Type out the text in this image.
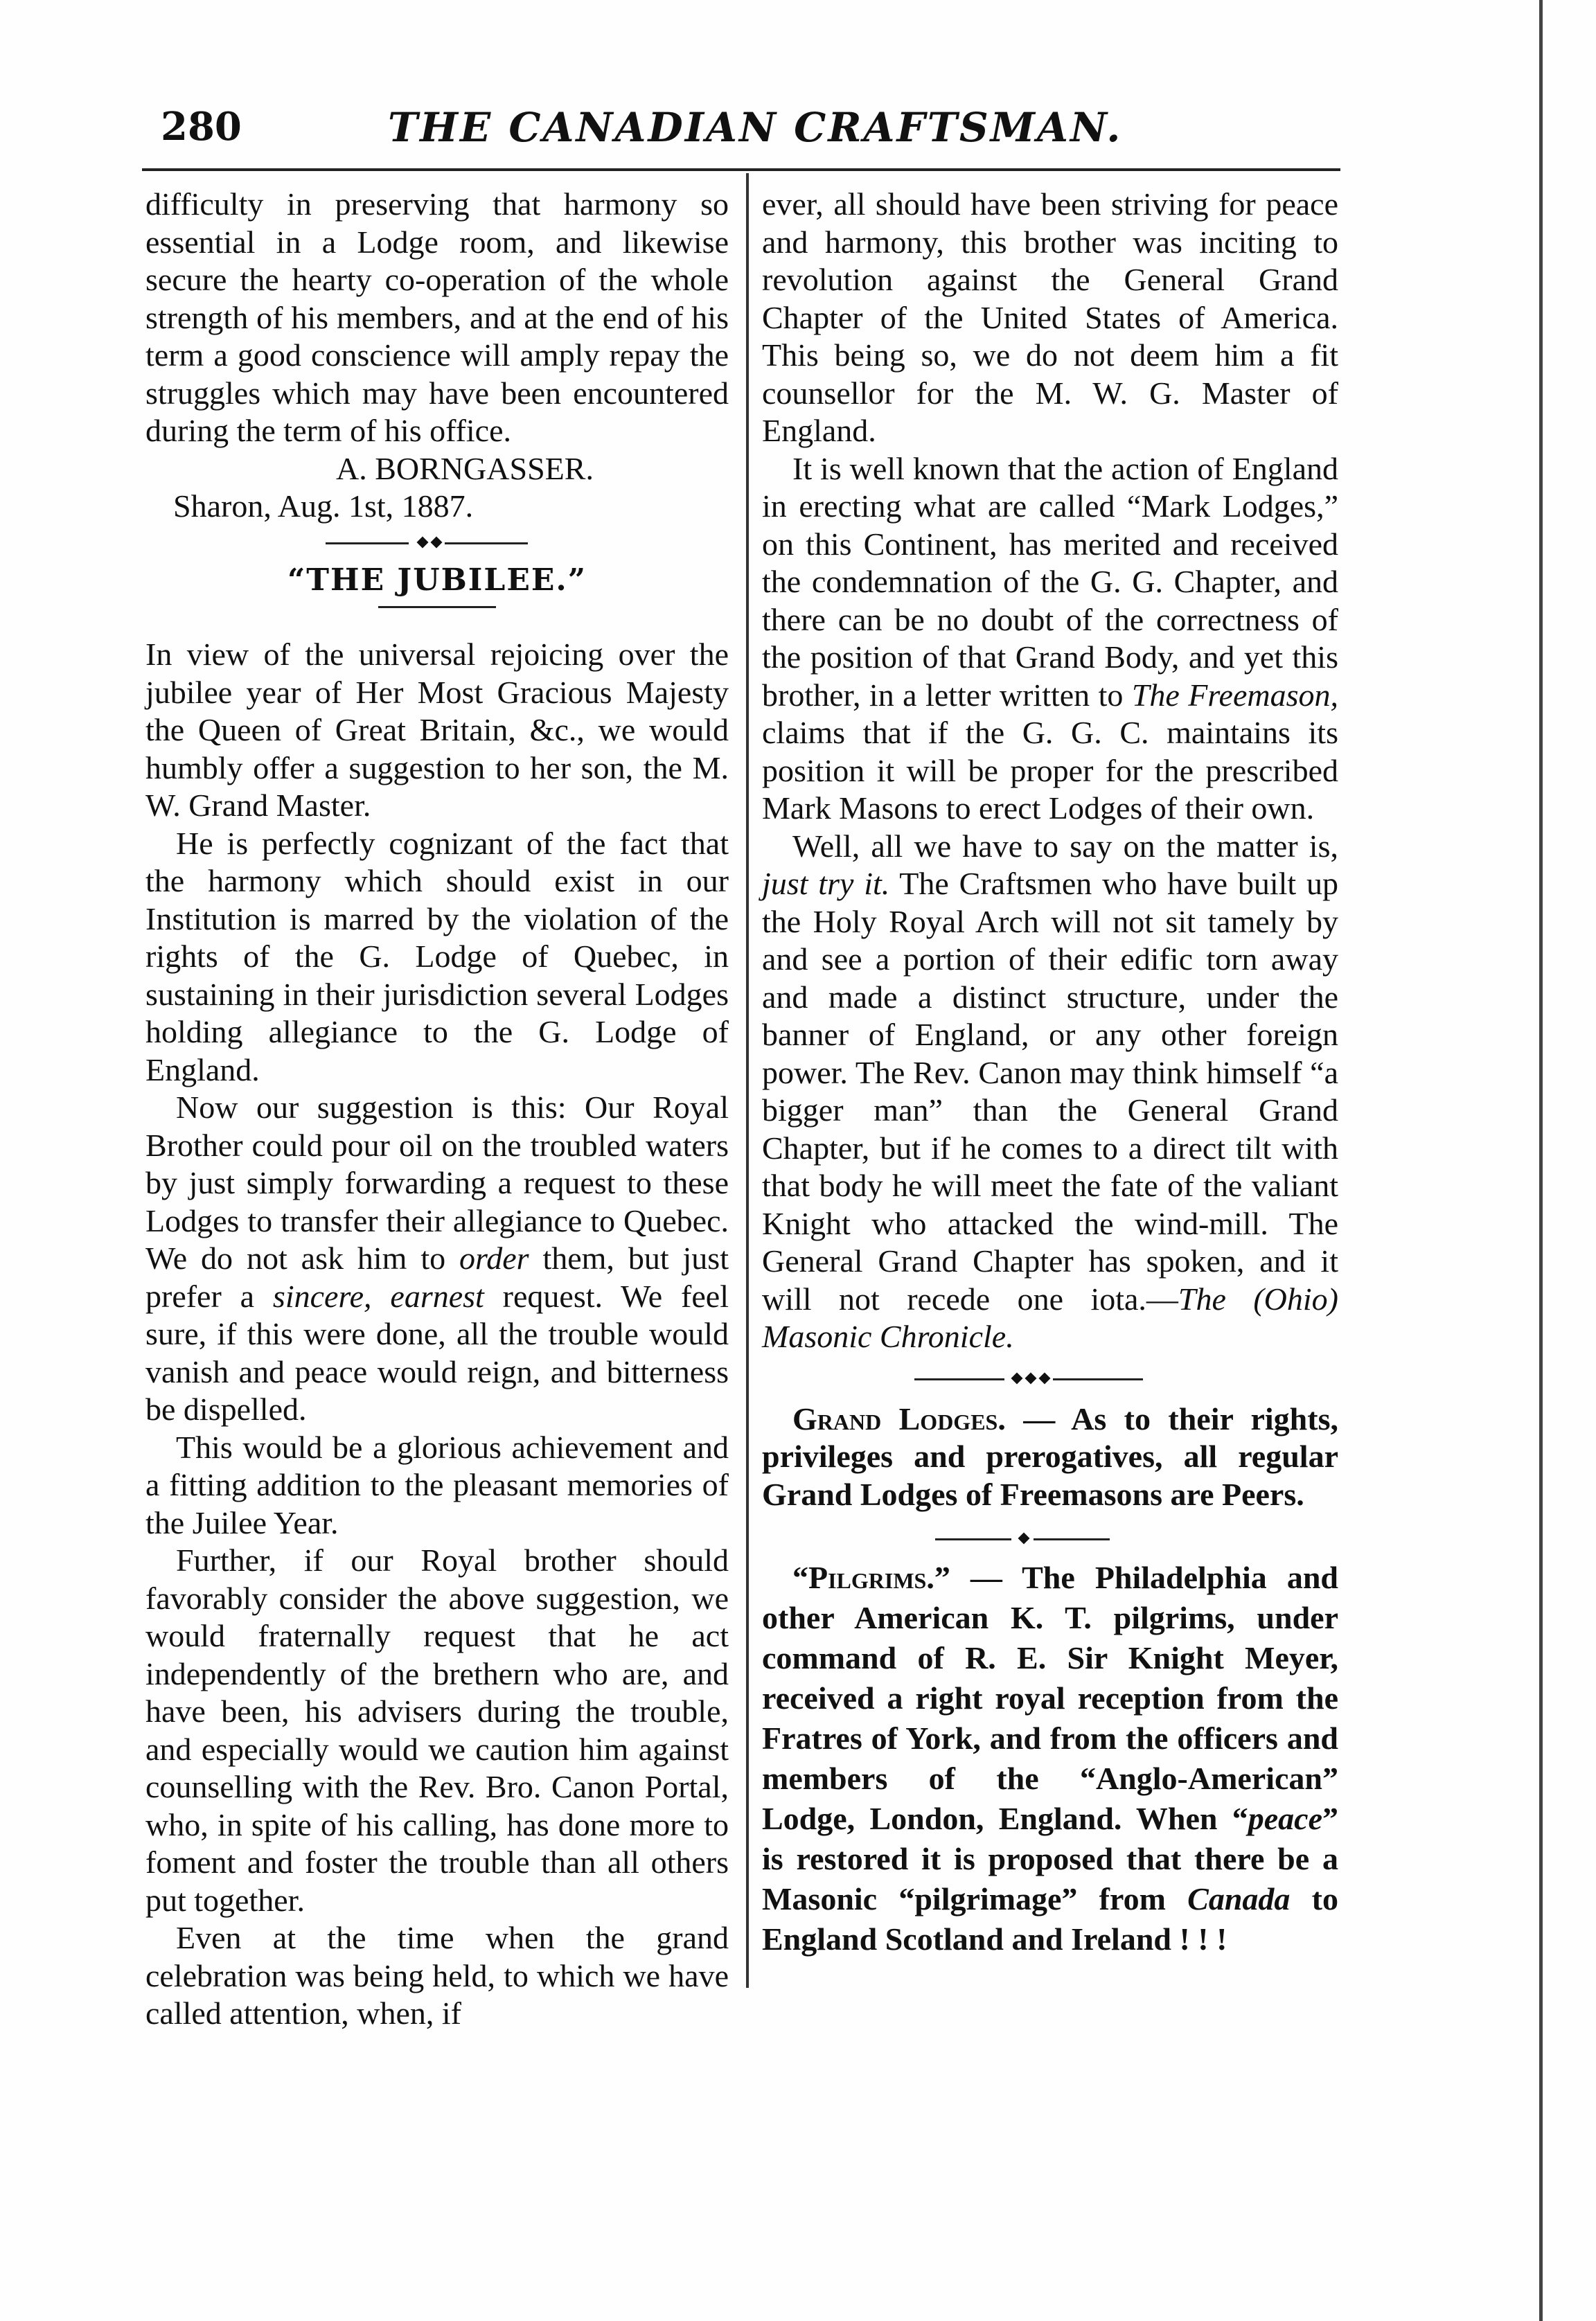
280	THE CANADIAN CRAFTSMAN.

difficulty in preserving that harmony so essential in a Lodge room, and likewise secure the hearty co-operation of the whole strength of his members, and at the end of his term a good conscience will amply repay the struggles which may have been encountered during the term of his office.

A. BORNGASSER.

Sharon, Aug. 1st, 1887.

“THE JUBILEE.”

In view of the universal rejoicing over the jubilee year of Her Most Gracious Majesty the Queen of Great Britain, &c., we would humbly offer a suggestion to her son, the M. W. Grand Master.

He is perfectly cognizant of the fact that the harmony which should exist in our Institution is marred by the violation of the rights of the G. Lodge of Quebec, in sustaining in their jurisdiction several Lodges holding allegiance to the G. Lodge of England.

Now our suggestion is this: Our Royal Brother could pour oil on the troubled waters by just simply forwarding a request to these Lodges to transfer their allegiance to Quebec. We do not ask him to order them, but just prefer a sincere, earnest request. We feel sure, if this were done, all the trouble would vanish and peace would reign, and bitterness be dispelled.

This would be a glorious achievement and a fitting addition to the pleasant memories of the Juilee Year.

Further, if our Royal brother should favorably consider the above suggestion, we would fraternally request that he act independently of the brethern who are, and have been, his advisers during the trouble, and especially would we caution him against counselling with the Rev. Bro. Canon Portal, who, in spite of his calling, has done more to foment and foster the trouble than all others put together.

Even at the time when the grand celebration was being held, to which we have called attention, when, if

ever, all should have been striving for peace and harmony, this brother was inciting to revolution against the General Grand Chapter of the United States of America. This being so, we do not deem him a fit counsellor for the M. W. G. Master of England.

It is well known that the action of England in erecting what are called “Mark Lodges,” on this Continent, has merited and received the condemnation of the G. G. Chapter, and there can be no doubt of the correctness of the position of that Grand Body, and yet this brother, in a letter written to The Freemason, claims that if the G. G. C. maintains its position it will be proper for the prescribed Mark Masons to erect Lodges of their own.

Well, all we have to say on the matter is, just try it. The Craftsmen who have built up the Holy Royal Arch will not sit tamely by and see a portion of their edific torn away and made a distinct structure, under the banner of England, or any other foreign power. The Rev. Canon may think himself “a bigger man” than the General Grand Chapter, but if he comes to a direct tilt with that body he will meet the fate of the valiant Knight who attacked the wind-mill. The General Grand Chapter has spoken, and it will not recede one iota.—The (Ohio) Masonic Chronicle.

Grand Lodges. — As to their rights, privileges and prerogatives, all regular Grand Lodges of Freemasons are Peers.

“Pilgrims.” — The Philadelphia and other American K. T. pilgrims, under command of R. E. Sir Knight Meyer, received a right royal reception from the Fratres of York, and from the officers and members of the “Anglo-American” Lodge, London, England. When “peace” is restored it is proposed that there be a Masonic “pilgrimage” from Canada to England Scotland and Ireland ! ! !
